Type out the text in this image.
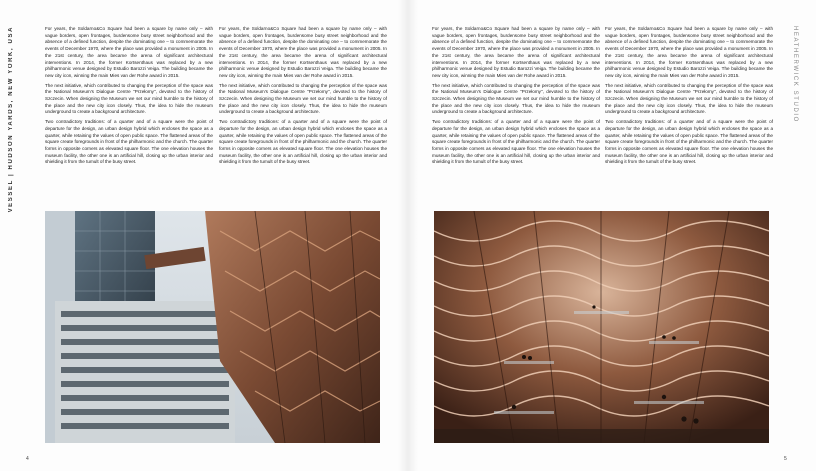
VESSEL | HUDSON YARDS, NEW YORK, USA	HEATHERWICK STUDIO

For years, the Soldarno&Co Square had been a square by name only – with vague borders, open frontages, burdensome busy street neighborhood and the absence of a defined function, despite the dominating one – to commemorate the events of December 1970, where the place was provided a monument in 2005. In the 21st century, the area became the arena of significant architectural interventions. In 2014, the former Kortsenthaus was replaced by a new philharmonic venue designed by Estudio Barozzi Veiga. The building became the new city icon, winning the main Mies van der Rohe award in 2015.

The next initiative, which contributed to changing the perception of the space was the National Museum's Dialogue Centre "Przełomy", devoted to the history of Szczecin. When designing the Museum we set our mind humble to the history of the place and the new city icon closely. Thus, the idea to hide the museum underground to create a background architecture.

Two contradictory traditions: of a quarter and of a square were the point of departure for the design, an urban design hybrid which encloses the space as a quarter, while retaining the values of open public space. The flattened areas of the square create foregrounds in front of the philharmonic and the church. The quarter forms in opposite corners as elevated square floor. The one elevation houses the museum facility, the other one is an artificial hill, closing up the urban interior and shielding it from the tumult of the busy street.

For years, the Soldarno&Co Square had been a square by name only – with vague borders, open frontages, burdensome busy street neighborhood and the absence of a defined function, despite the dominating one – to commemorate the events of December 1970, where the place was provided a monument in 2005. In the 21st century, the area became the arena of significant architectural interventions. In 2014, the former Kortsenthaus was replaced by a new philharmonic venue designed by Estudio Barozzi Veiga. The building became the new city icon, winning the main Mies van der Rohe award in 2015.

The next initiative, which contributed to changing the perception of the space was the National Museum's Dialogue Centre "Przełomy", devoted to the history of Szczecin. When designing the Museum we set our mind humble to the history of the place and the new city icon closely. Thus, the idea to hide the museum underground to create a background architecture.

Two contradictory traditions: of a quarter and of a square were the point of departure for the design, an urban design hybrid which encloses the space as a quarter, while retaining the values of open public space. The flattened areas of the square create foregrounds in front of the philharmonic and the church. The quarter forms in opposite corners as elevated square floor. The one elevation houses the museum facility, the other one is an artificial hill, closing up the urban interior and shielding it from the tumult of the busy street.

For years, the Soldarno&Co Square had been a square by name only – with vague borders, open frontages, burdensome busy street neighborhood and the absence of a defined function, despite the dominating one – to commemorate the events of December 1970, where the place was provided a monument in 2005. In the 21st century, the area became the arena of significant architectural interventions. In 2014, the former Kortsenthaus was replaced by a new philharmonic venue designed by Estudio Barozzi Veiga. The building became the new city icon, winning the main Mies van der Rohe award in 2015.

The next initiative, which contributed to changing the perception of the space was the National Museum's Dialogue Centre "Przełomy", devoted to the history of Szczecin. When designing the Museum we set our mind humble to the history of the place and the new city icon closely. Thus, the idea to hide the museum underground to create a background architecture.

Two contradictory traditions: of a quarter and of a square were the point of departure for the design, an urban design hybrid which encloses the space as a quarter, while retaining the values of open public space. The flattened areas of the square create foregrounds in front of the philharmonic and the church. The quarter forms in opposite corners as elevated square floor. The one elevation houses the museum facility, the other one is an artificial hill, closing up the urban interior and shielding it from the tumult of the busy street.

For years, the Soldarno&Co Square had been a square by name only – with vague borders, open frontages, burdensome busy street neighborhood and the absence of a defined function, despite the dominating one – to commemorate the events of December 1970, where the place was provided a monument in 2005. In the 21st century, the area became the arena of significant architectural interventions. In 2014, the former Kortsenthaus was replaced by a new philharmonic venue designed by Estudio Barozzi Veiga. The building became the new city icon, winning the main Mies van der Rohe award in 2015.

The next initiative, which contributed to changing the perception of the space was the National Museum's Dialogue Centre "Przełomy", devoted to the history of Szczecin. When designing the Museum we set our mind humble to the history of the place and the new city icon closely. Thus, the idea to hide the museum underground to create a background architecture.

Two contradictory traditions: of a quarter and of a square were the point of departure for the design, an urban design hybrid which encloses the space as a quarter, while retaining the values of open public space. The flattened areas of the square create foregrounds in front of the philharmonic and the church. The quarter forms in opposite corners as elevated square floor. The one elevation houses the museum facility, the other one is an artificial hill, closing up the urban interior and shielding it from the tumult of the busy street.

4	5
